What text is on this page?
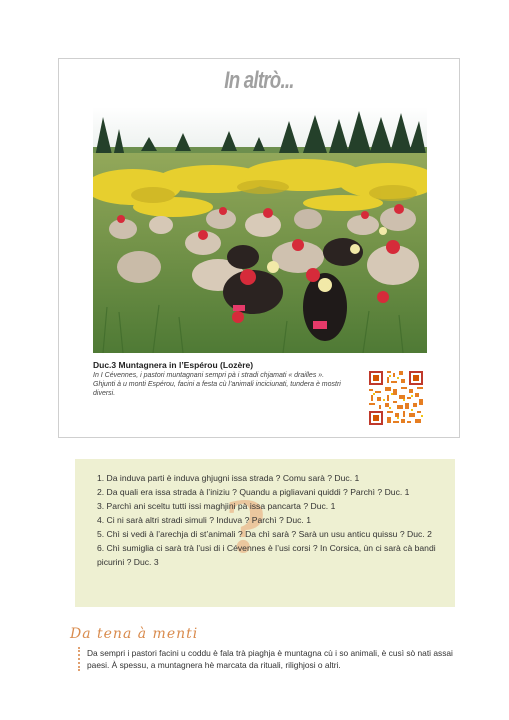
In altrò...
Duc.3 Muntagnera in l’Espérou (Lozère)
In I Cévennes, i pastori muntagnani sempri pà i stradi chjamati « drailles ». Ghjunti à u monti Espérou, facini a festa cù l’animali inciciunati, tundera è mostri diversi.
?
1. Da induva parti è induva ghjugni issa strada ? Comu sarà ? Duc. 1
2. Da quali era issa strada à l’iniziu ? Quandu a pigliavani quiddi ? Parchì ? Duc. 1
3. Parchì ani sceltu tutti issi maghjini pà issa pancarta ? Duc. 1
4. Ci ni sarà altri stradi simuli ? Induva ? Parchì ? Duc. 1
5. Chì si vedi à l’arechja di st’animali ? Da chì sarà ? Sarà un usu anticu quissu ? Duc. 2
6. Chì sumiglia ci sarà trà l’usi di i Cévennes è l’usi corsi ? In Corsica, ùn ci sarà cà bandi picurini ? Duc. 3
Da tena à menti
Da sempri i pastori facini u coddu è fala trà piaghja è muntagna cù i so animali, è cusì sò nati assai paesi. À spessu, a muntagnera hè marcata da rituali, rilighjosi o altri.
